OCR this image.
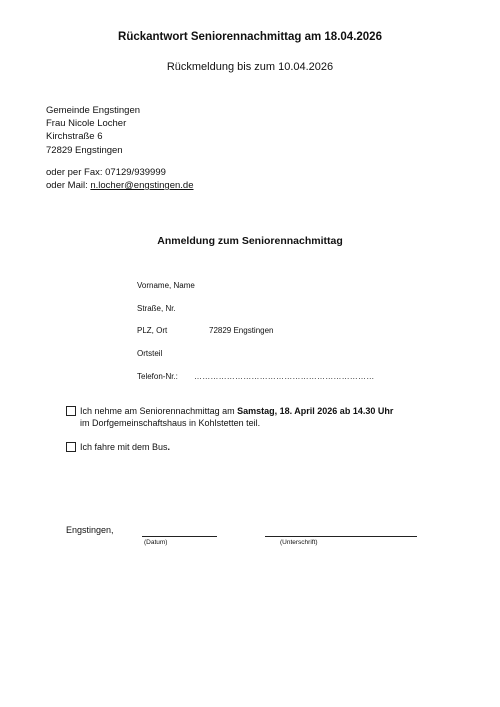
Rückantwort Seniorennachmittag am 18.04.2026
Rückmeldung bis zum 10.04.2026
Gemeinde Engstingen
Frau Nicole Locher
Kirchstraße 6
72829 Engstingen
oder per Fax: 07129/939999
oder Mail: n.locher@engstingen.de
Anmeldung zum Seniorennachmittag
Vorname, Name
Straße, Nr.
PLZ, Ort	72829 Engstingen
Ortsteil
Telefon-Nr.: …………………………………………………………
Ich nehme am Seniorennachmittag am Samstag, 18. April 2026 ab 14.30 Uhr
im Dorfgemeinschaftshaus in Kohlstetten teil.
Ich fahre mit dem Bus.
Engstingen,
(Datum)	(Unterschrift)
